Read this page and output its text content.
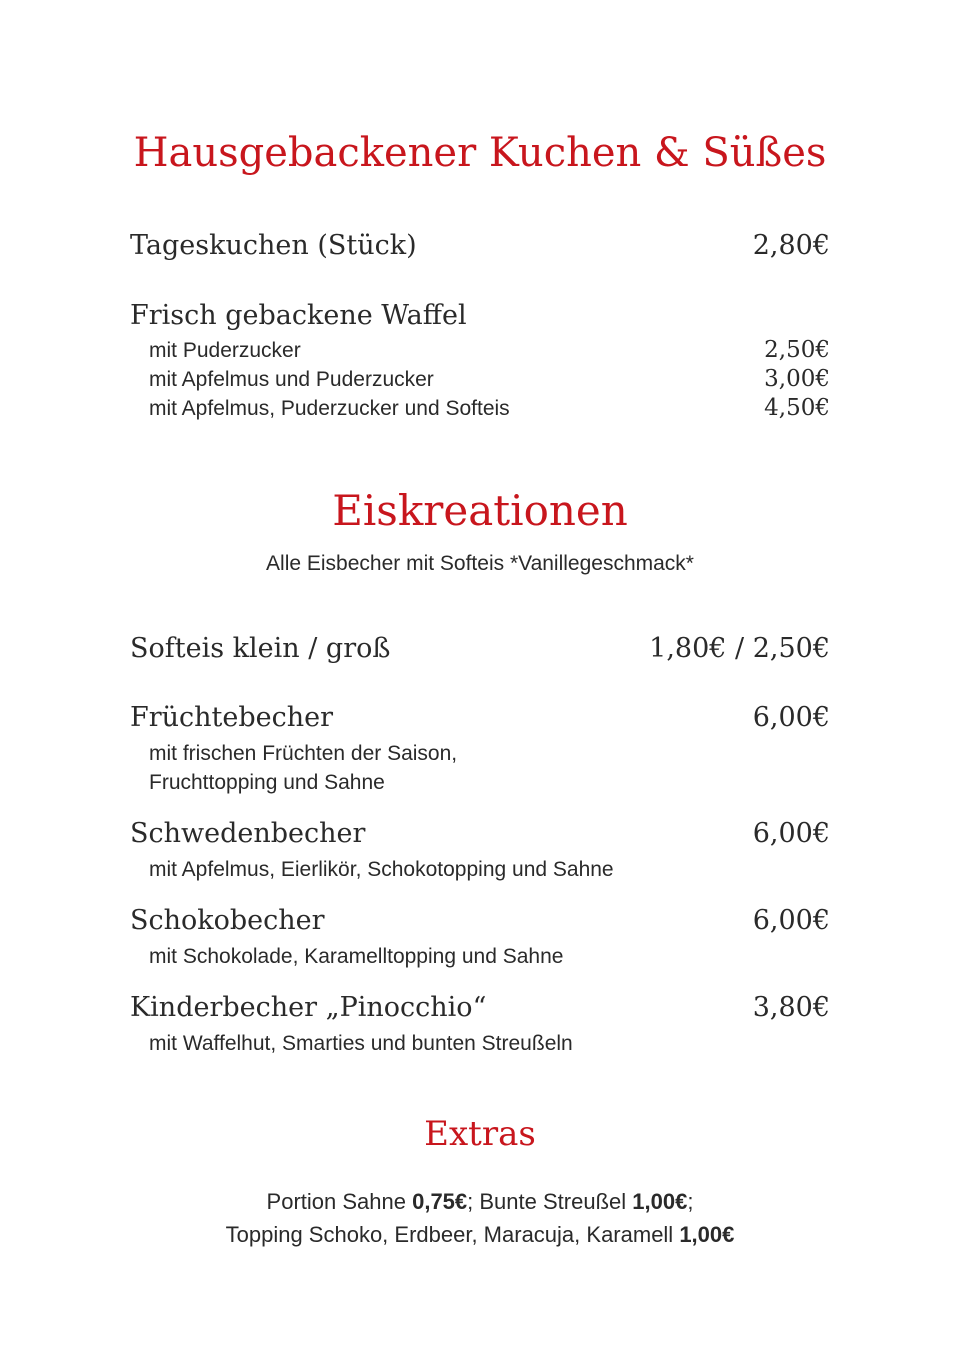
Hausgebackener Kuchen & Süßes
Tageskuchen (Stück)	2,80€
Frisch gebackene Waffel
mit Puderzucker	2,50€
mit Apfelmus und Puderzucker	3,00€
mit Apfelmus, Puderzucker und Softeis	4,50€
Eiskreationen
Alle Eisbecher mit Softeis *Vanillegeschmack*
Softeis klein / groß	1,80€ / 2,50€
Früchtebecher	6,00€
mit frischen Früchten der Saison,
Fruchttopping und Sahne
Schwedenbecher	6,00€
mit Apfelmus, Eierlikör, Schokotopping und Sahne
Schokobecher	6,00€
mit Schokolade, Karamelltopping und Sahne
Kinderbecher „Pinocchio“	3,80€
mit Waffelhut, Smarties und bunten Streußeln
Extras
Portion Sahne 0,75€; Bunte Streußel 1,00€;
Topping Schoko, Erdbeer, Maracuja, Karamell 1,00€
